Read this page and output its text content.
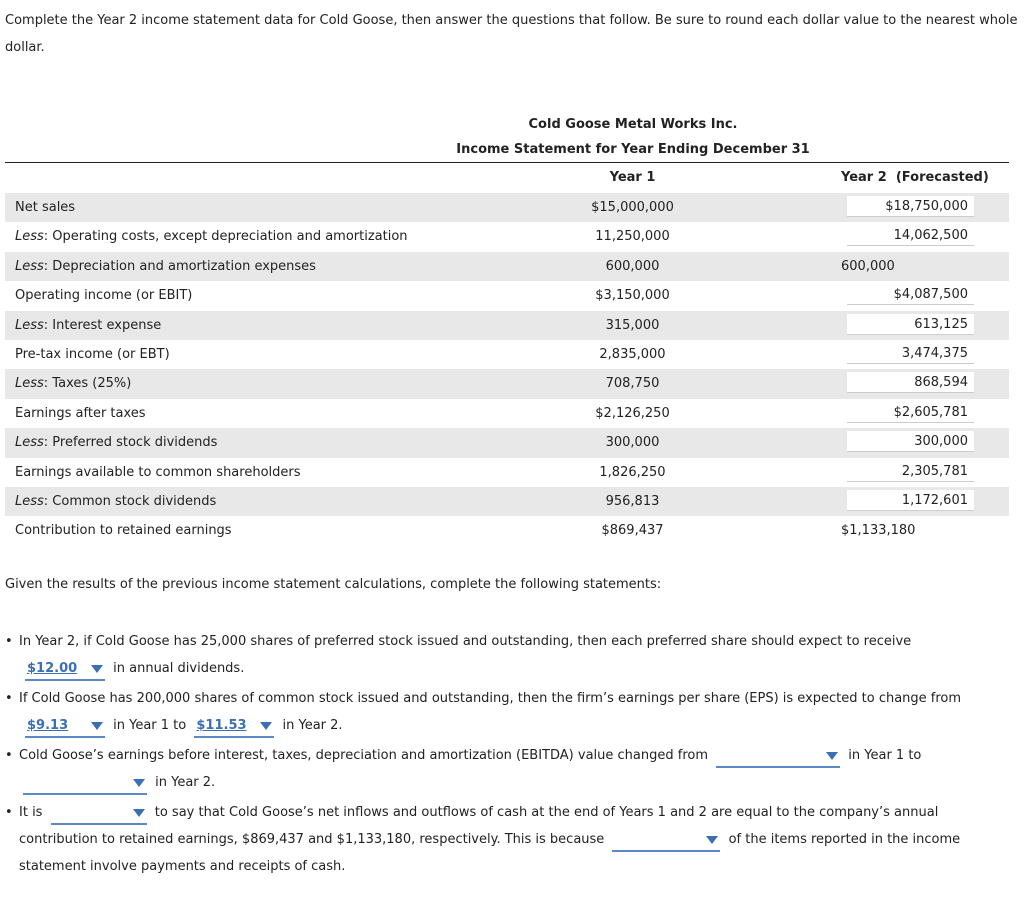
Complete the Year 2 income statement data for Cold Goose, then answer the questions that follow. Be sure to round each dollar value to the nearest whole dollar.
Cold Goose Metal Works Inc.
Income Statement for Year Ending December 31
Year 1	Year 2  (Forecasted)
Net sales	$15,000,000	$18,750,000
Less: Operating costs, except depreciation and amortization	11,250,000	14,062,500
Less: Depreciation and amortization expenses	600,000	600,000
Operating income (or EBIT)	$3,150,000	$4,087,500
Less: Interest expense	315,000	613,125
Pre-tax income (or EBT)	2,835,000	3,474,375
Less: Taxes (25%)	708,750	868,594
Earnings after taxes	$2,126,250	$2,605,781
Less: Preferred stock dividends	300,000	300,000
Earnings available to common shareholders	1,826,250	2,305,781
Less: Common stock dividends	956,813	1,172,601
Contribution to retained earnings	$869,437	$1,133,180
Given the results of the previous income statement calculations, complete the following statements:
• In Year 2, if Cold Goose has 25,000 shares of preferred stock issued and outstanding, then each preferred share should expect to receive
$12.00	in annual dividends.
• If Cold Goose has 200,000 shares of common stock issued and outstanding, then the firm’s earnings per share (EPS) is expected to change from
$9.13	in Year 1 to $11.53	in Year 2.
• Cold Goose’s earnings before interest, taxes, depreciation and amortization (EBITDA) value changed from	in Year 1 to

in Year 2.
• It is	to say that Cold Goose’s net inflows and outflows of cash at the end of Years 1 and 2 are equal to the company’s annual contribution to retained earnings, $869,437 and $1,133,180, respectively. This is because	of the items reported in the income statement involve payments and receipts of cash.
